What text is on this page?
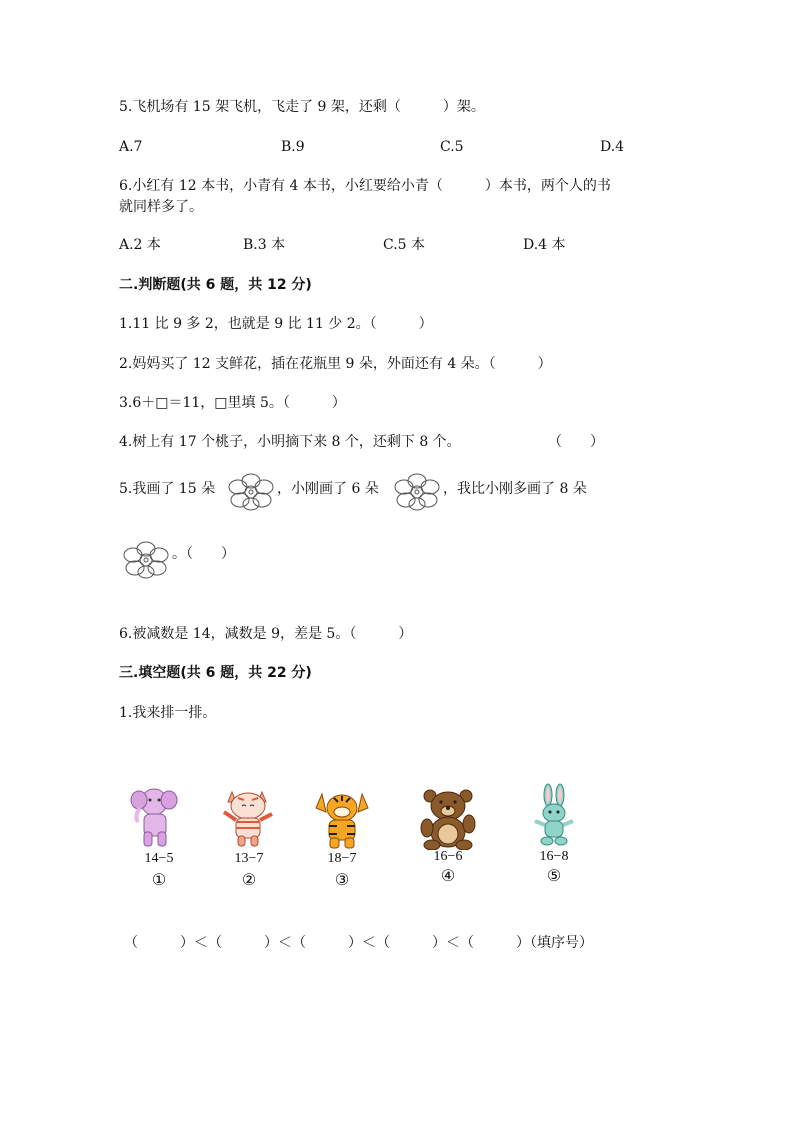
5.飞机场有 15 架飞机，飞走了 9 架，还剩（　　　）架。
A.7	B.9	C.5	D.4
6.小红有 12 本书，小青有 4 本书，小红要给小青（　　　）本书，两个人的书
就同样多了。
A.2 本	B.3 本	C.5 本	D.4 本
二.判断题(共 6 题，共 12 分)
1.11 比 9 多 2，也就是 9 比 11 少 2。（　　　）
2.妈妈买了 12 支鲜花，插在花瓶里 9 朵，外面还有 4 朵。（　　　）
3.6＋□＝11，□里填 5。（　　　）
4.树上有 17 个桃子，小明摘下来 8 个，还剩下 8 个。	（　　）
5.我画了 15 朵	，小刚画了 6 朵	，我比小刚多画了 8 朵
。（　　）
6.被减数是 14，减数是 9，差是 5。（　　　）
三.填空题(共 6 题，共 22 分)
1.我来排一排。
14−5
①
13−7
②
18−7
③
16−6
④
16−8
⑤
（　　　）＜（　　　）＜（　　　）＜（　　　）＜（　　　）（填序号）
